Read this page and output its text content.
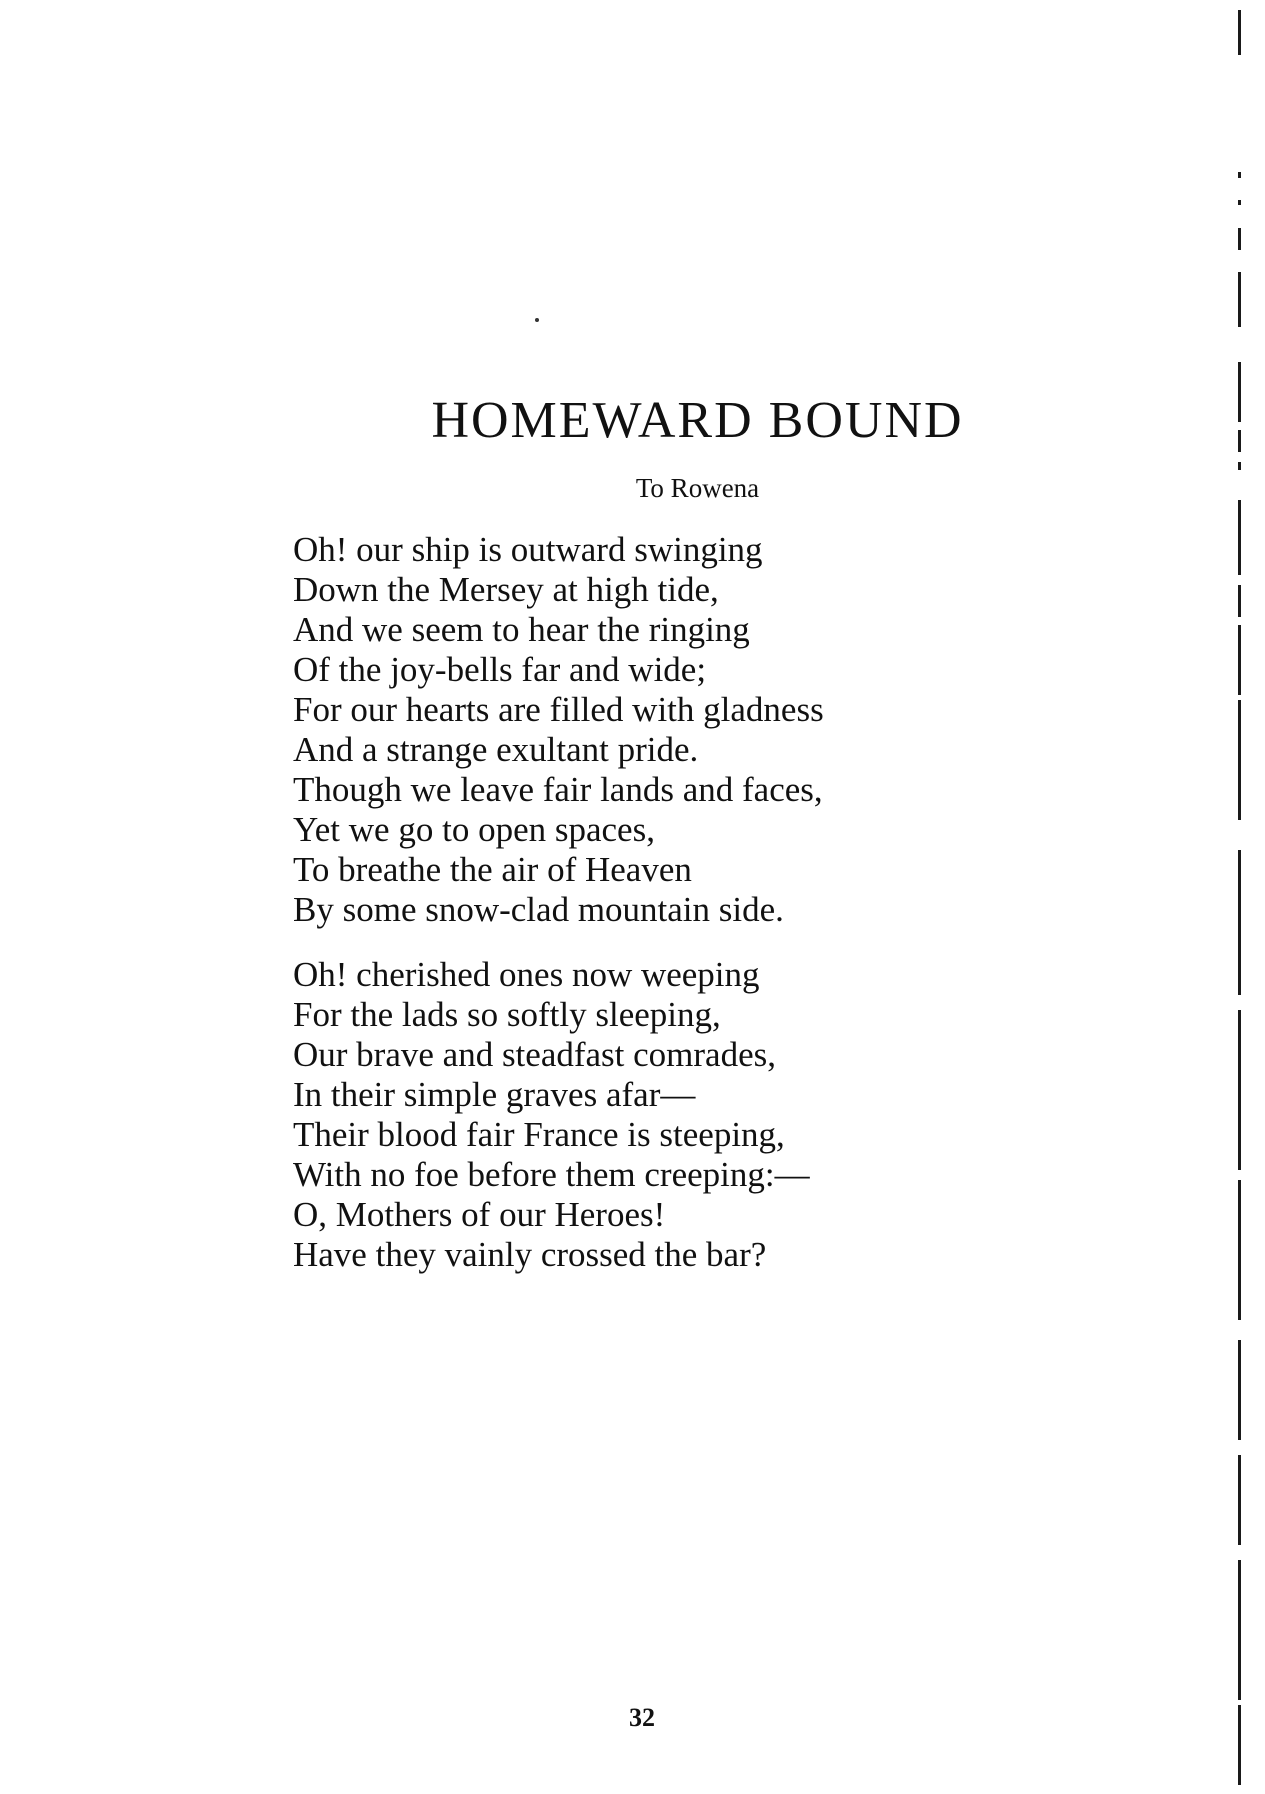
HOMEWARD BOUND
To Rowena
Oh! our ship is outward swinging
Down the Mersey at high tide,
And we seem to hear the ringing
Of the joy-bells far and wide;
For our hearts are filled with gladness
And a strange exultant pride.
Though we leave fair lands and faces,
Yet we go to open spaces,
To breathe the air of Heaven
By some snow-clad mountain side.
Oh! cherished ones now weeping
For the lads so softly sleeping,
Our brave and steadfast comrades,
In their simple graves afar—
Their blood fair France is steeping,
With no foe before them creeping:—
O, Mothers of our Heroes!
Have they vainly crossed the bar?
32
